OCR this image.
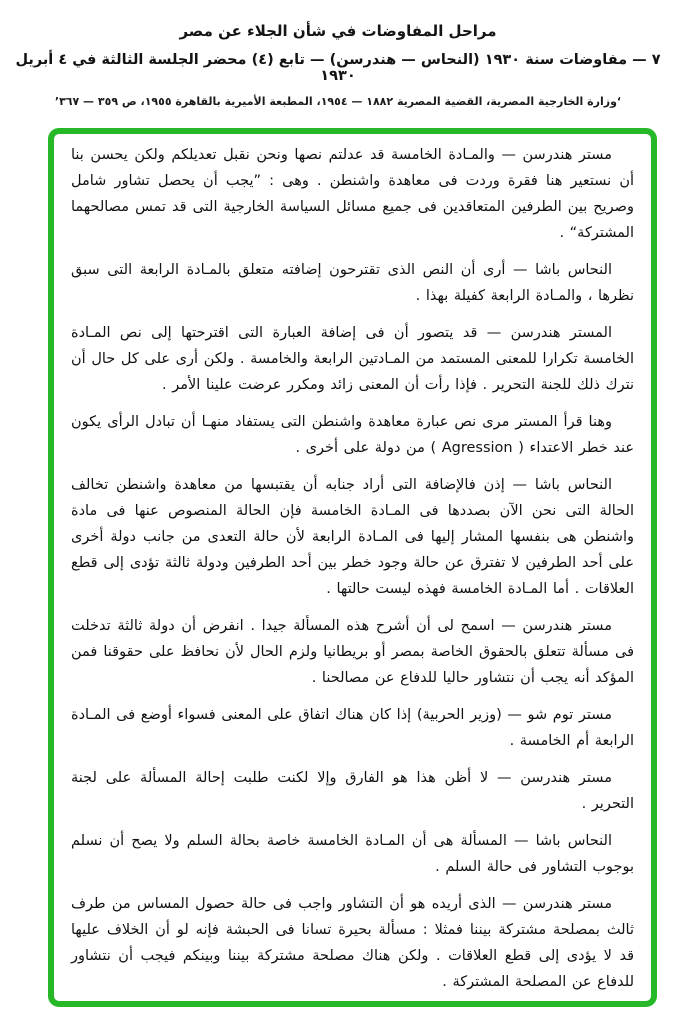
مراحل المفاوضات في شأن الجلاء عن مصر
٧ — مفاوضات سنة ١٩٣٠ (النحاس — هندرسن) — تابع (٤) محضر الجلسة الثالثة في ٤ أبريل ١٩٣٠
‘وزارة الخارجية المصرية، القضية المصرية ١٨٨٢ — ١٩٥٤، المطبعة الأميرية بالقاهرة ١٩٥٥، ص ٣٥٩ — ٣٦٧’

مستر هندرسن — والمـادة الخامسة قد عدلتم نصها ونحن نقبل تعديلكم ولكن يحسن بنا أن نستعير هنا فقرة وردت فى معاهدة واشنطن . وهى : ”يجب أن يحصل تشاور شامل وصريح بين الطرفين المتعاقدين فى جميع مسائل السياسة الخارجية التى قد تمس مصالحهما المشتركة“ .

النحاس باشا — أرى أن النص الذى تقترحون إضافته متعلق بالمـادة الرابعة التى سبق نظرها ، والمـادة الرابعة كفيلة بهذا .

المستر هندرسن — قد يتصور أن فى إضافة العبارة التى اقترحتها إلى نص المـادة الخامسة تكرارا للمعنى المستمد من المـادتين الرابعة والخامسة . ولكن أرى على كل حال أن نترك ذلك للجنة التحرير . فإذا رأت أن المعنى زائد ومكرر عرضت علينا الأمر .

وهنا قرأ المستر مرى نص عبارة معاهدة واشنطن التى يستفاد منهـا أن تبادل الرأى يكون عند خطر الاعتداء ( Agression ) من دولة على أخرى .

النحاس باشا — إذن فالإضافة التى أراد جنابه أن يقتبسها من معاهدة واشنطن تخالف الحالة التى نحن الآن بصددها فى المـادة الخامسة فإن الحالة المنصوص عنها فى مادة واشنطن هى بنفسها المشار إليها فى المـادة الرابعة لأن حالة التعدى من جانب دولة أخرى على أحد الطرفين لا تفترق عن حالة وجود خطر بين أحد الطرفين ودولة ثالثة تؤدى إلى قطع العلاقات . أما المـادة الخامسة فهذه ليست حالتها .

مستر هندرسن — اسمح لى أن أشرح هذه المسألة جيدا . انفرض أن دولة ثالثة تدخلت فى مسألة تتعلق بالحقوق الخاصة بمصر أو بريطانيا ولزم الحال لأن نحافظ على حقوقنا فمن المؤكد أنه يجب أن نتشاور حاليا للدفاع عن مصالحنا .

مستر توم شو — (وزير الحربية) إذا كان هناك اتفاق على المعنى فسواء أوضع فى المـادة الرابعة أم الخامسة .

مستر هندرسن — لا أظن هذا هو الفارق وإلا لكنت طلبت إحالة المسألة على لجنة التحرير .

النحاس باشا — المسألة هى أن المـادة الخامسة خاصة بحالة السلم ولا يصح أن نسلم بوجوب التشاور فى حالة السلم .

مستر هندرسن — الذى أريده هو أن التشاور واجب فى حالة حصول المساس من طرف ثالث بمصلحة مشتركة بيننا فمثلا : مسألة بحيرة تسانا فى الحبشة فإنه لو أن الخلاف عليها قد لا يؤدى إلى قطع العلاقات . ولكن هناك مصلحة مشتركة بيننا وبينكم فيجب أن نتشاور للدفاع عن المصلحة المشتركة .
